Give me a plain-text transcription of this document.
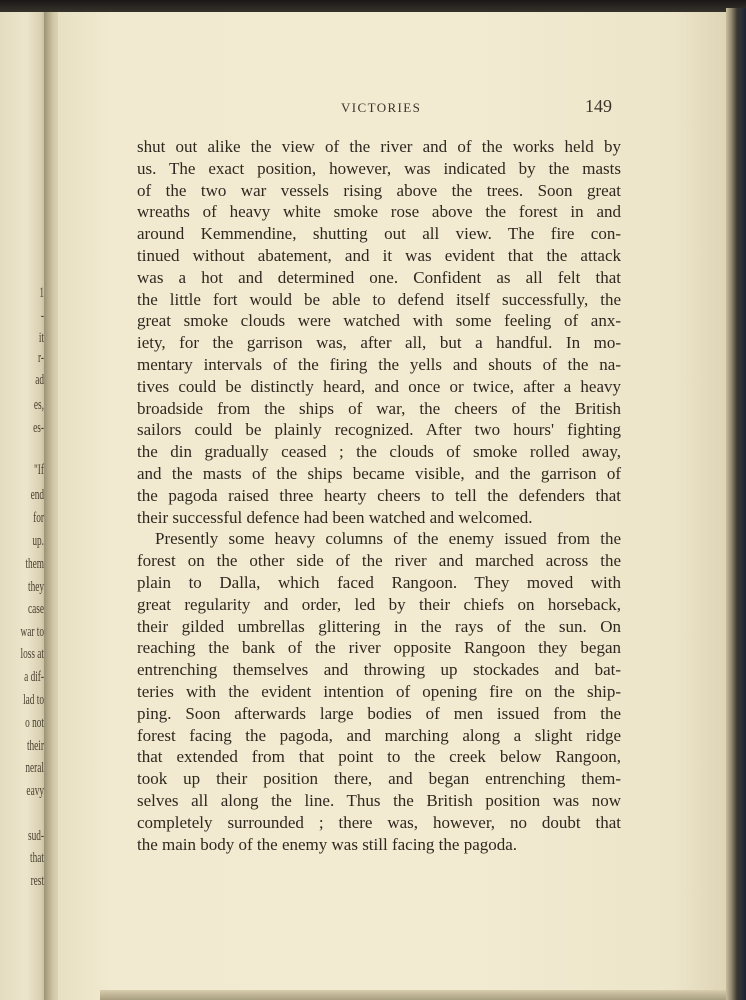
1
-
it
r-
ad
es,
es-
"If
end
for
up.
them
they
case
war to
loss at
a dif-
lad to
o not
their
neral
eavy
sud-
that
rest
VICTORIES	149
shut out alike the view of the river and of the works held by
us. The exact position, however, was indicated by the masts
of the two war vessels rising above the trees. Soon great
wreaths of heavy white smoke rose above the forest in and
around Kemmendine, shutting out all view. The fire con-
tinued without abatement, and it was evident that the attack
was a hot and determined one. Confident as all felt that
the little fort would be able to defend itself successfully, the
great smoke clouds were watched with some feeling of anx-
iety, for the garrison was, after all, but a handful. In mo-
mentary intervals of the firing the yells and shouts of the na-
tives could be distinctly heard, and once or twice, after a heavy
broadside from the ships of war, the cheers of the British
sailors could be plainly recognized. After two hours' fighting
the din gradually ceased ; the clouds of smoke rolled away,
and the masts of the ships became visible, and the garrison of
the pagoda raised three hearty cheers to tell the defenders that
their successful defence had been watched and welcomed.
Presently some heavy columns of the enemy issued from the
forest on the other side of the river and marched across the
plain to Dalla, which faced Rangoon. They moved with
great regularity and order, led by their chiefs on horseback,
their gilded umbrellas glittering in the rays of the sun. On
reaching the bank of the river opposite Rangoon they began
entrenching themselves and throwing up stockades and bat-
teries with the evident intention of opening fire on the ship-
ping. Soon afterwards large bodies of men issued from the
forest facing the pagoda, and marching along a slight ridge
that extended from that point to the creek below Rangoon,
took up their position there, and began entrenching them-
selves all along the line. Thus the British position was now
completely surrounded ; there was, however, no doubt that
the main body of the enemy was still facing the pagoda.
